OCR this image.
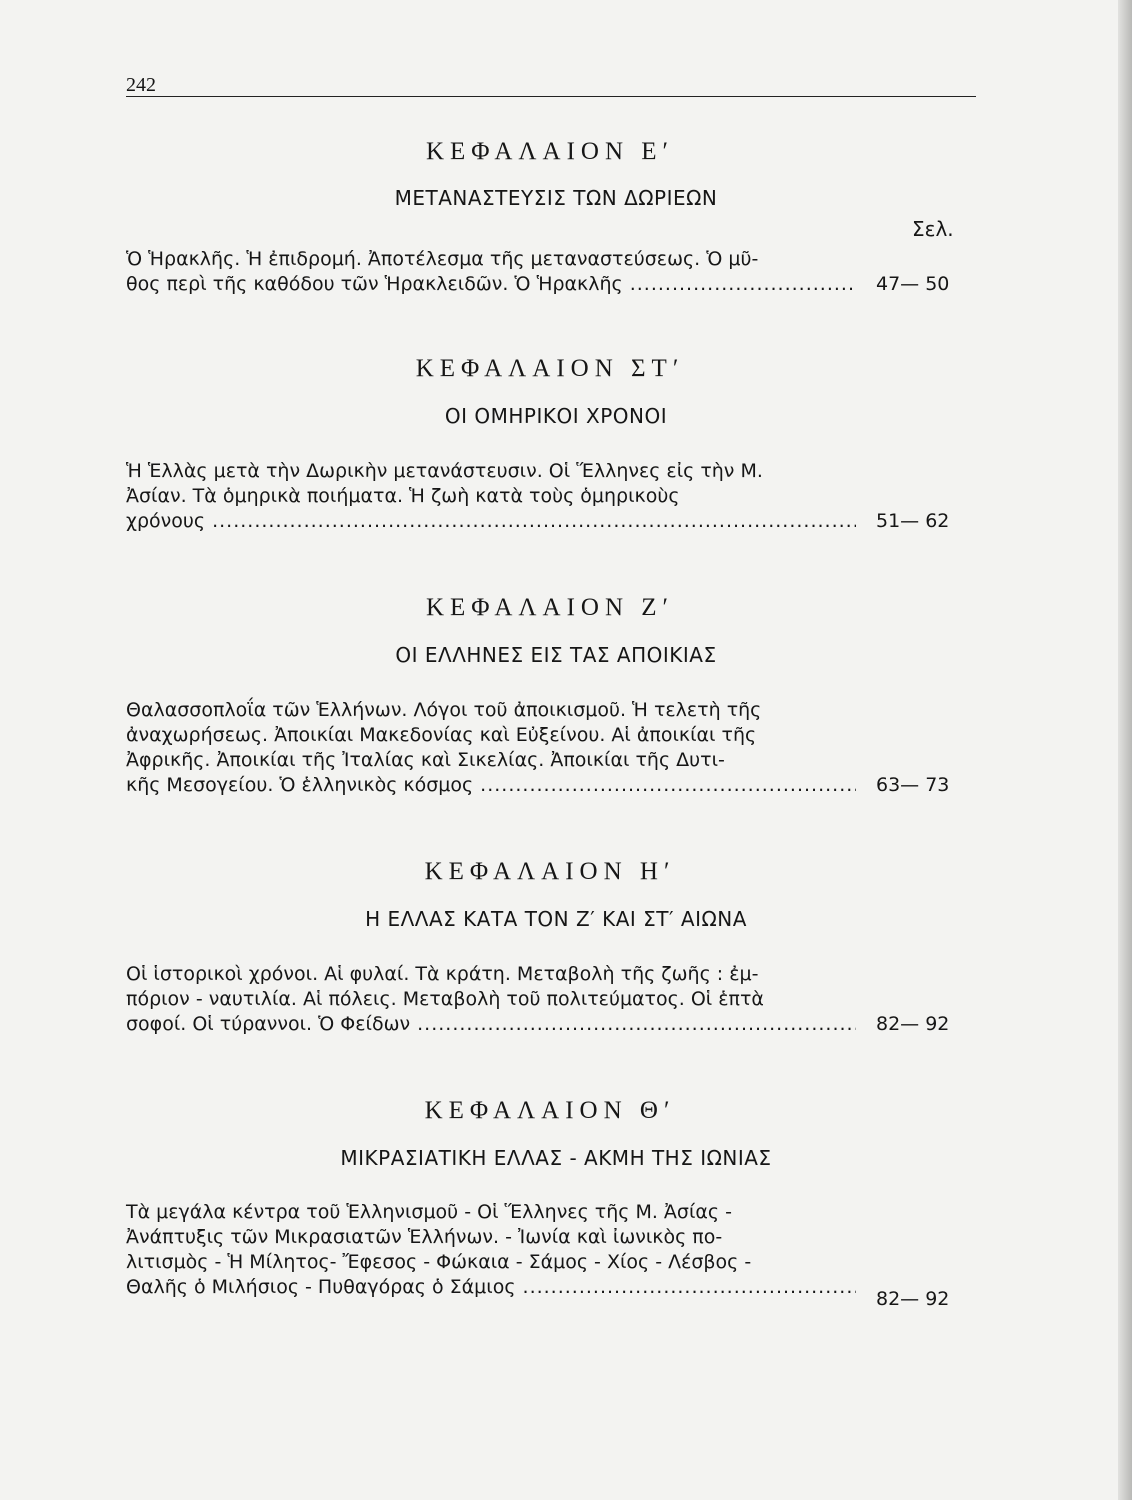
242
ΚΕΦΑΛΑΙΟΝ Ε′
ΜΕΤΑΝΑΣΤΕΥΣΙΣ ΤΩΝ ΔΩΡΙΕΩΝ
Σελ.
Ὁ Ἡρακλῆς. Ἡ ἐπιδρομή. Ἀποτέλεσμα τῆς μεταναστεύσεως. Ὁ μῦ-
θος περὶ τῆς καθόδου τῶν Ἡρακλειδῶν. Ὁ Ἡρακλῆς .....	47— 50
ΚΕΦΑΛΑΙΟΝ ΣΤ′
ΟΙ ΟΜΗΡΙΚΟΙ ΧΡΟΝΟΙ
Ἡ Ἑλλὰς μετὰ τὴν Δωρικὴν μετανάστευσιν. Οἱ Ἕλληνες εἰς τὴν Μ.
Ἀσίαν. Τὰ ὁμηρικὰ ποιήματα. Ἡ ζωὴ κατὰ τοὺς ὁμηρικοὺς
χρόνους .....	51— 62
ΚΕΦΑΛΑΙΟΝ Ζ′
ΟΙ ΕΛΛΗΝΕΣ ΕΙΣ ΤΑΣ ΑΠΟΙΚΙΑΣ
Θαλασσοπλοΐα τῶν Ἑλλήνων. Λόγοι τοῦ ἀποικισμοῦ. Ἡ τελετὴ τῆς
ἀναχωρήσεως. Ἀποικίαι Μακεδονίας καὶ Εὐξείνου. Αἱ ἀποικίαι τῆς
Ἀφρικῆς. Ἀποικίαι τῆς Ἰταλίας καὶ Σικελίας. Ἀποικίαι τῆς Δυτι-
κῆς Μεσογείου. Ὁ ἑλληνικὸς κόσμος .....	63— 73
ΚΕΦΑΛΑΙΟΝ Η′
Η ΕΛΛΑΣ ΚΑΤΑ ΤΟΝ Ζ′ ΚΑΙ ΣΤ′ ΑΙΩΝΑ
Οἱ ἱστορικοὶ χρόνοι. Αἱ φυλαί. Τὰ κράτη. Μεταβολὴ τῆς ζωῆς : ἐμ-
πόριον - ναυτιλία. Αἱ πόλεις. Μεταβολὴ τοῦ πολιτεύματος. Οἱ ἑπτὰ
σοφοί. Οἱ τύραννοι. Ὁ Φείδων .....	82— 92
ΚΕΦΑΛΑΙΟΝ Θ′
ΜΙΚΡΑΣΙΑΤΙΚΗ ΕΛΛΑΣ - ΑΚΜΗ ΤΗΣ ΙΩΝΙΑΣ
Τὰ μεγάλα κέντρα τοῦ Ἑλληνισμοῦ - Οἱ Ἕλληνες τῆς Μ. Ἀσίας -
Ἀνάπτυξις τῶν Μικρασιατῶν Ἑλλήνων. - Ἰωνία καὶ ἰωνικὸς πο-
λιτισμὸς - Ἡ Μίλητος- Ἔφεσος - Φώκαια - Σάμος - Χίος - Λέσβος -
Θαλῆς ὁ Μιλήσιος - Πυθαγόρας ὁ Σάμιος .....
82— 92
